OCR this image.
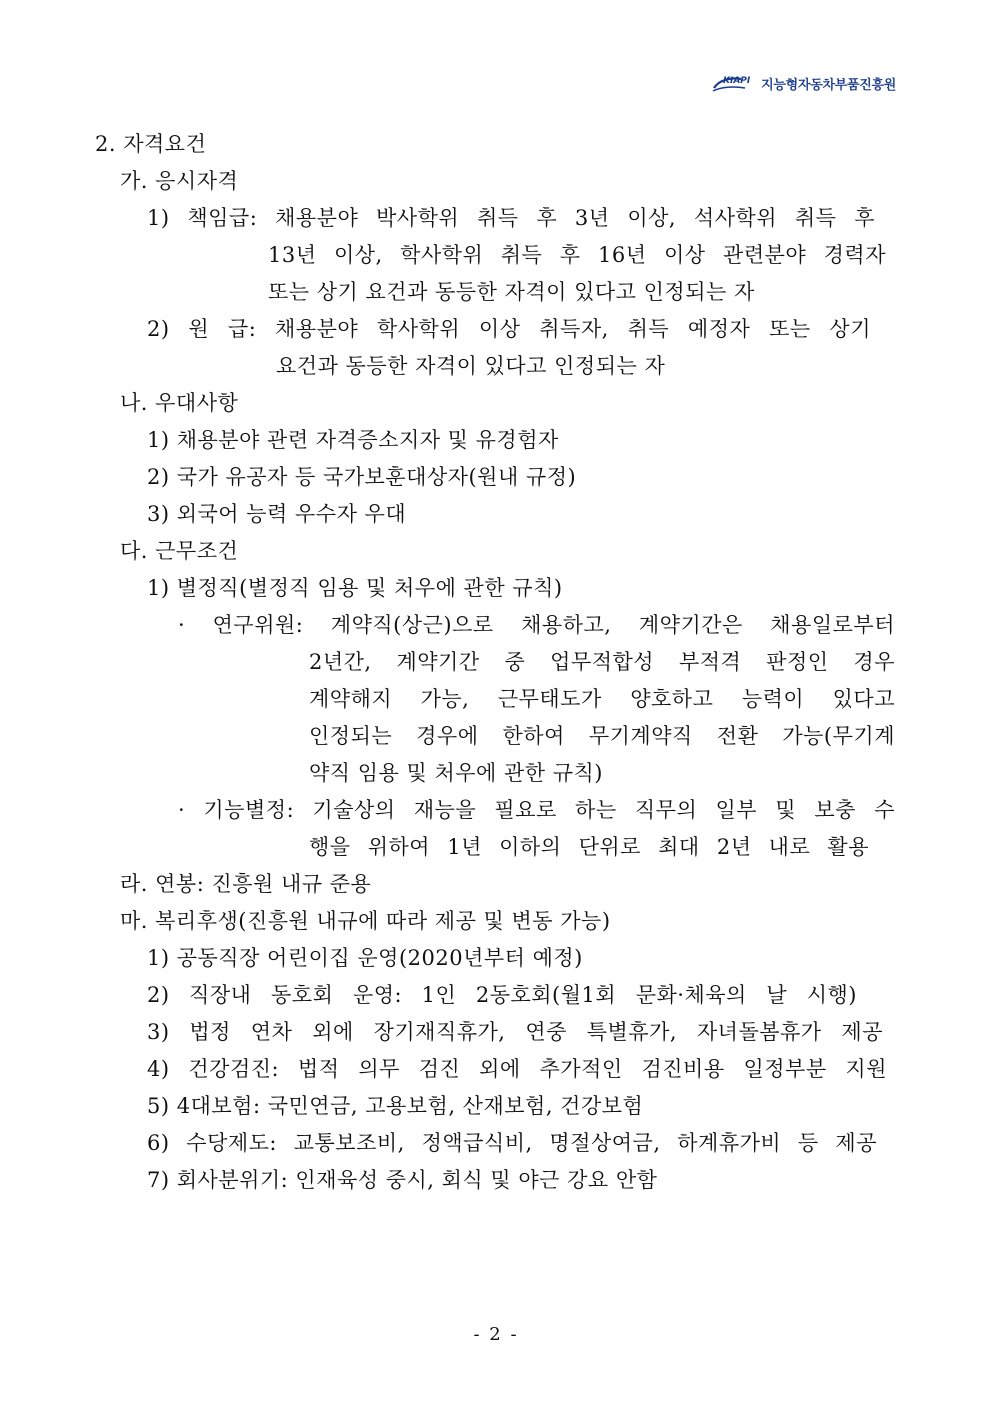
KIAPI 지능형자동차부품진흥원
2. 자격요건
가. 응시자격
1) 책임급: 채용분야 박사학위 취득 후 3년 이상, 석사학위 취득 후
13년 이상, 학사학위 취득 후 16년 이상 관련분야 경력자
또는 상기 요건과 동등한 자격이 있다고 인정되는 자
2) 원 급: 채용분야 학사학위 이상 취득자, 취득 예정자 또는 상기
요건과 동등한 자격이 있다고 인정되는 자
나. 우대사항
1) 채용분야 관련 자격증소지자 및 유경험자
2) 국가 유공자 등 국가보훈대상자(원내 규정)
3) 외국어 능력 우수자 우대
다. 근무조건
1) 별정직(별정직 임용 및 처우에 관한 규칙)
· 연구위원: 계약직(상근)으로 채용하고, 계약기간은 채용일로부터
2년간, 계약기간 중 업무적합성 부적격 판정인 경우
계약해지 가능, 근무태도가 양호하고 능력이 있다고
인정되는 경우에 한하여 무기계약직 전환 가능(무기계
약직 임용 및 처우에 관한 규칙)
· 기능별정: 기술상의 재능을 필요로 하는 직무의 일부 및 보충 수
행을 위하여 1년 이하의 단위로 최대 2년 내로 활용
라. 연봉: 진흥원 내규 준용
마. 복리후생(진흥원 내규에 따라 제공 및 변동 가능)
1) 공동직장 어린이집 운영(2020년부터 예정)
2) 직장내 동호회 운영: 1인 2동호회(월1회 문화·체육의 날 시행)
3) 법정 연차 외에 장기재직휴가, 연중 특별휴가, 자녀돌봄휴가 제공
4) 건강검진: 법적 의무 검진 외에 추가적인 검진비용 일정부분 지원
5) 4대보험: 국민연금, 고용보험, 산재보험, 건강보험
6) 수당제도: 교통보조비, 정액급식비, 명절상여금, 하계휴가비 등 제공
7) 회사분위기: 인재육성 중시, 회식 및 야근 강요 안함
- 2 -
